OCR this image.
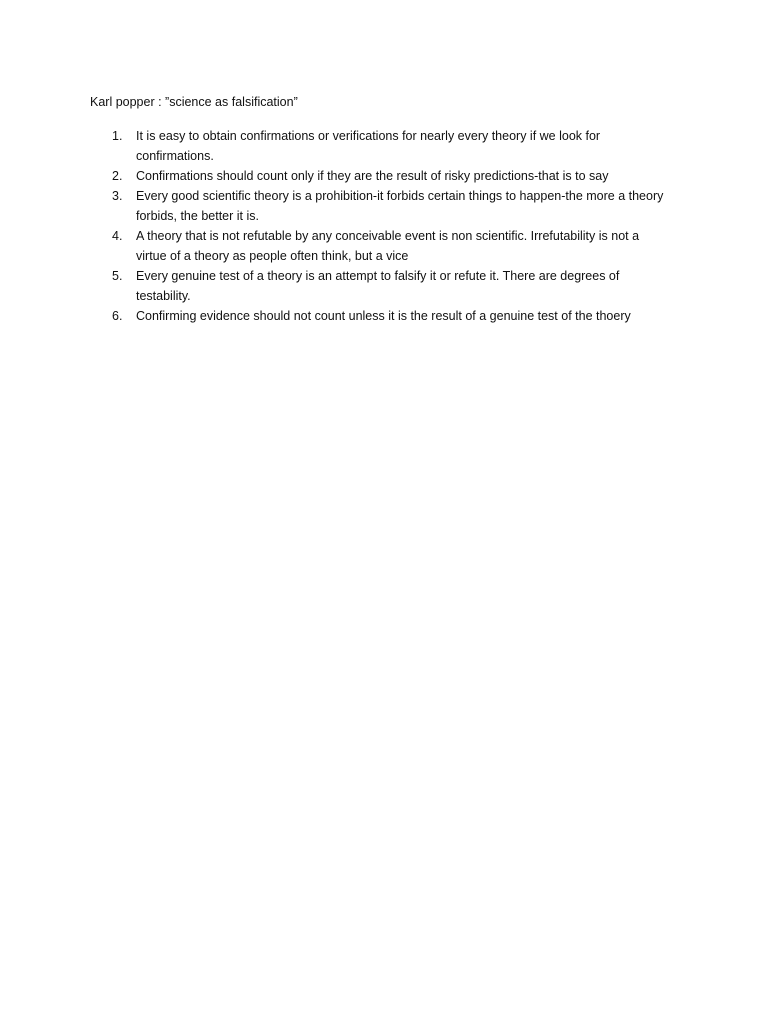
Karl popper : ”science as falsification”
1.	It is easy to obtain confirmations or verifications for nearly every theory if we look for confirmations.
2.	Confirmations should count only if they are the result of risky predictions-that is to say
3.	Every good scientific theory is a prohibition-it forbids certain things to happen-the more a theory forbids, the better it is.
4.	A theory that is not refutable by any conceivable event is non scientific. Irrefutability is not a virtue of a theory as people often think, but a vice
5.	Every genuine test of a theory is an attempt to falsify it or refute it. There are degrees of testability.
6.	Confirming evidence should not count unless it is the result of a genuine test of the thoery
